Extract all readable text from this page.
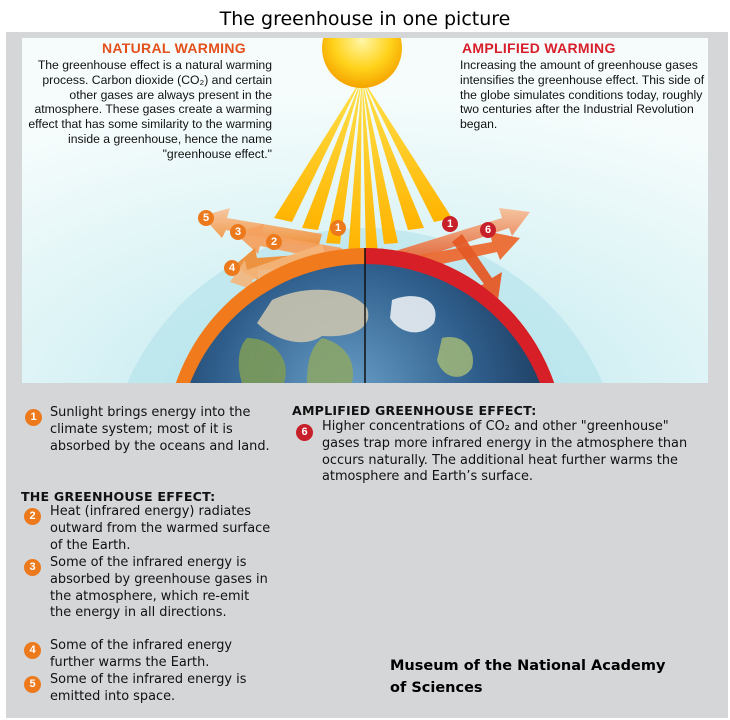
The greenhouse in one picture
NATURAL WARMING
The greenhouse effect is a natural warming process. Carbon dioxide (CO₂) and certain other gases are always present in the atmosphere. These gases create a warming effect that has some similarity to the warming inside a greenhouse, hence the name "greenhouse effect."
AMPLIFIED WARMING
Increasing the amount of greenhouse gases intensifies the greenhouse effect. This side of the globe simulates conditions today, roughly two centuries after the Industrial Revolution began.
5
3
2
4
1	1	6
1	Sunlight brings energy into the climate system; most of it is absorbed by the oceans and land.
THE GREENHOUSE EFFECT:
2	Heat (infrared energy) radiates outward from the warmed surface of the Earth.
3	Some of the infrared energy is absorbed by greenhouse gases in the atmosphere, which re-emit the energy in all directions.
4	Some of the infrared energy further warms the Earth.
5	Some of the infrared energy is emitted into space.
AMPLIFIED GREENHOUSE EFFECT:
6	Higher concentrations of CO₂ and other "greenhouse" gases trap more infrared energy in the atmosphere than occurs naturally. The additional heat further warms the atmosphere and Earth’s surface.
Museum of the National Academy of Sciences
